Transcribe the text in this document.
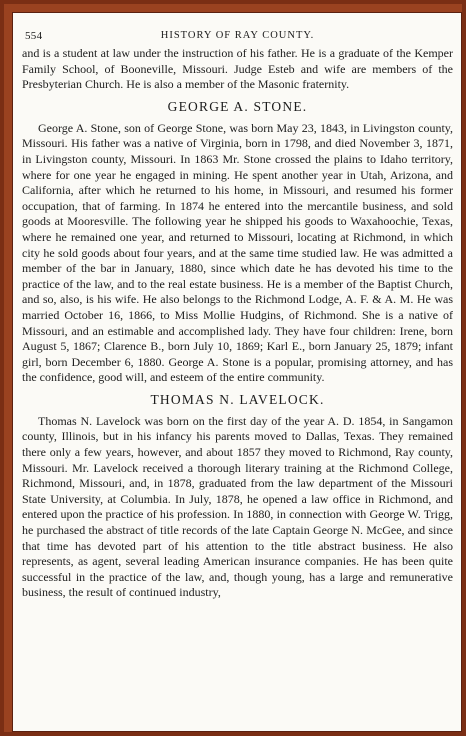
554	HISTORY OF RAY COUNTY.

and is a student at law under the instruction of his father. He is a graduate of the Kemper Family School, of Booneville, Missouri. Judge Esteb and wife are members of the Presbyterian Church. He is also a member of the Masonic fraternity.

GEORGE A. STONE.

George A. Stone, son of George Stone, was born May 23, 1843, in Livingston county, Missouri. His father was a native of Virginia, born in 1798, and died November 3, 1871, in Livingston county, Missouri. In 1863 Mr. Stone crossed the plains to Idaho territory, where for one year he engaged in mining. He spent another year in Utah, Arizona, and California, after which he returned to his home, in Missouri, and resumed his former occupation, that of farming. In 1874 he entered into the mercantile business, and sold goods at Mooresville. The following year he shipped his goods to Waxahoochie, Texas, where he remained one year, and returned to Missouri, locating at Richmond, in which city he sold goods about four years, and at the same time studied law. He was admitted a member of the bar in January, 1880, since which date he has devoted his time to the practice of the law, and to the real estate business. He is a member of the Baptist Church, and so, also, is his wife. He also belongs to the Richmond Lodge, A. F. & A. M. He was married October 16, 1866, to Miss Mollie Hudgins, of Richmond. She is a native of Missouri, and an estimable and accomplished lady. They have four children: Irene, born August 5, 1867; Clarence B., born July 10, 1869; Karl E., born January 25, 1879; infant girl, born December 6, 1880. George A. Stone is a popular, promising attorney, and has the confidence, good will, and esteem of the entire community.

THOMAS N. LAVELOCK.

Thomas N. Lavelock was born on the first day of the year A. D. 1854, in Sangamon county, Illinois, but in his infancy his parents moved to Dallas, Texas. They remained there only a few years, however, and about 1857 they moved to Richmond, Ray county, Missouri. Mr. Lavelock received a thorough literary training at the Richmond College, Richmond, Missouri, and, in 1878, graduated from the law department of the Missouri State University, at Columbia. In July, 1878, he opened a law office in Richmond, and entered upon the practice of his profession. In 1880, in connection with George W. Trigg, he purchased the abstract of title records of the late Captain George N. McGee, and since that time has devoted part of his attention to the title abstract business. He also represents, as agent, several leading American insurance companies. He has been quite successful in the practice of the law, and, though young, has a large and remunerative business, the result of continued industry,
